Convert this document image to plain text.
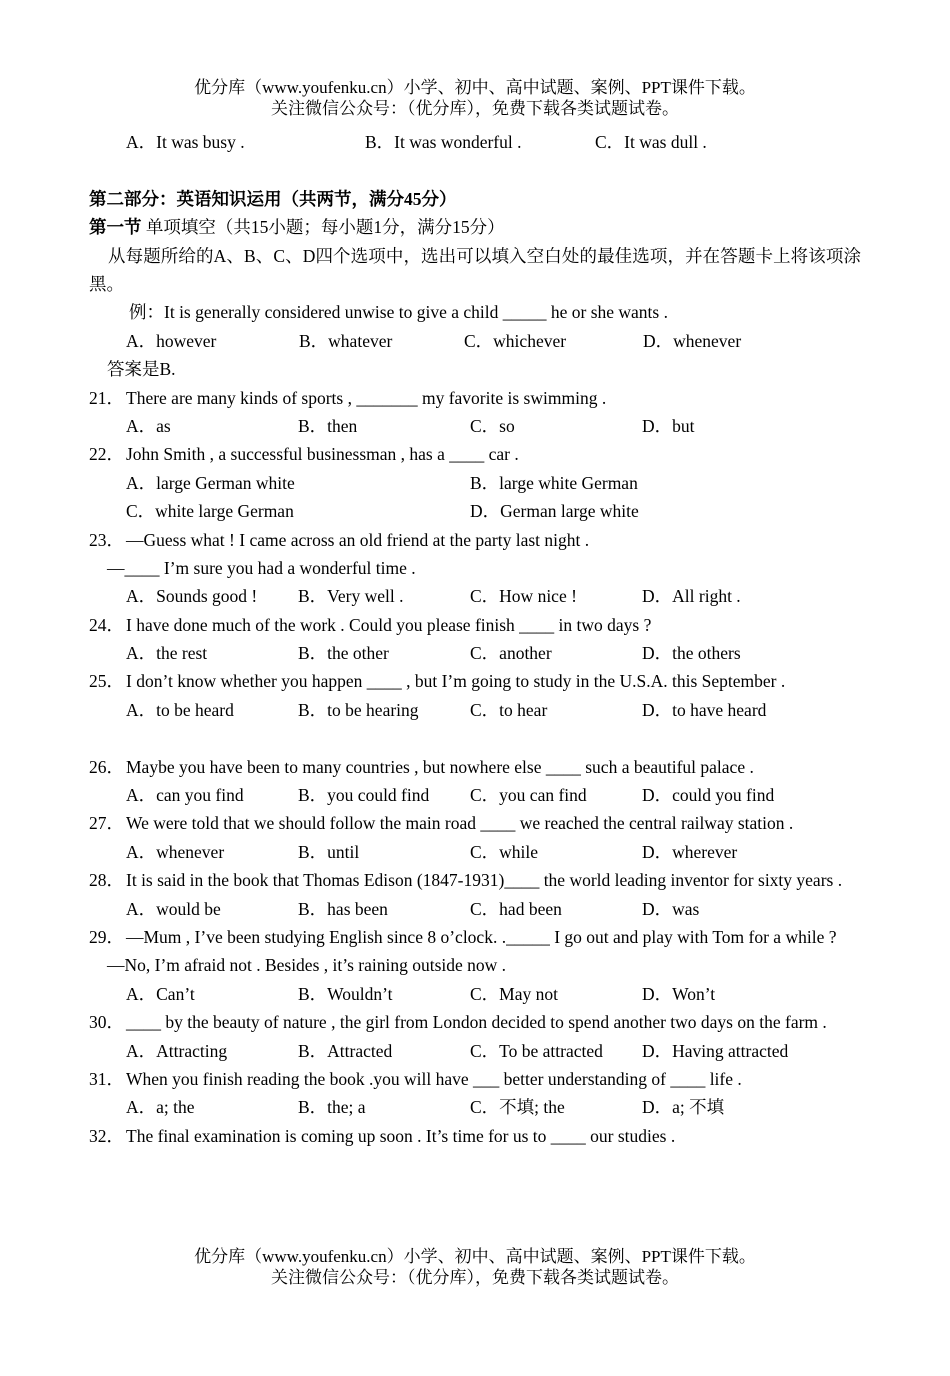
优分库（www.youfenku.cn）小学、初中、高中试题、案例、PPT课件下载。
关注微信公众号：（优分库），免费下载各类试题试卷。
A．It was busy .	B．It was wonderful .	C．It was dull .
第二部分：英语知识运用（共两节，满分45分）
第一节 单项填空（共15小题；每小题1分，满分15分）
从每题所给的A、B、C、D四个选项中，选出可以填入空白处的最佳选项，并在答题卡上将该项涂黑。
例：It is generally considered unwise to give a child _____ he or she wants .
A．however	B．whatever	C．whichever	D．whenever
答案是B.
21． There are many kinds of sports , _______ my favorite is swimming .
A．as	B．then	C．so	D．but
22． John Smith , a successful businessman , has a ____ car .
A．large German white	B．large white German
C．white large German	D．German large white
23． —Guess what ! I came across an old friend at the party last night .
—____ I’m sure you had a wonderful time .
A．Sounds good ! B．Very well .	C．How nice !	D．All right .
24． I have done much of the work . Could you please finish ____ in two days ?
A．the rest	B．the other	C．another	D．the others
25． I don’t know whether you happen ____ , but I’m going to study in the U.S.A. this September .
A．to be heard	B．to be hearing	C．to hear	D．to have heard
26． Maybe you have been to many countries , but nowhere else ____ such a beautiful palace .
A．can you find	B．you could find C．you can find	D．could you find
27． We were told that we should follow the main road ____ we reached the central railway station .
A．whenever	B．until	C．while	D．wherever
28． It is said in the book that Thomas Edison (1847-1931)____ the world leading inventor for sixty years .
A．would be	B．has been	C．had been	D．was
29． —Mum , I’ve been studying English since 8 o’clock. ._____ I go out and play with Tom for a while ?
—No, I’m afraid not . Besides , it’s raining outside now .
A．Can’t	B．Wouldn’t	C．May not	D．Won’t
30． ____ by the beauty of nature , the girl from London decided to spend another two days on the farm .
A．Attracting	B．Attracted	C．To be attracted D．Having attracted
31． When you finish reading the book .you will have ___ better understanding of ____ life .
A．a; the	B．the; a	C．不填; the	D．a; 不填
32． The final examination is coming up soon . It’s time for us to ____ our studies .
优分库（www.youfenku.cn）小学、初中、高中试题、案例、PPT课件下载。
关注微信公众号：（优分库），免费下载各类试题试卷。
